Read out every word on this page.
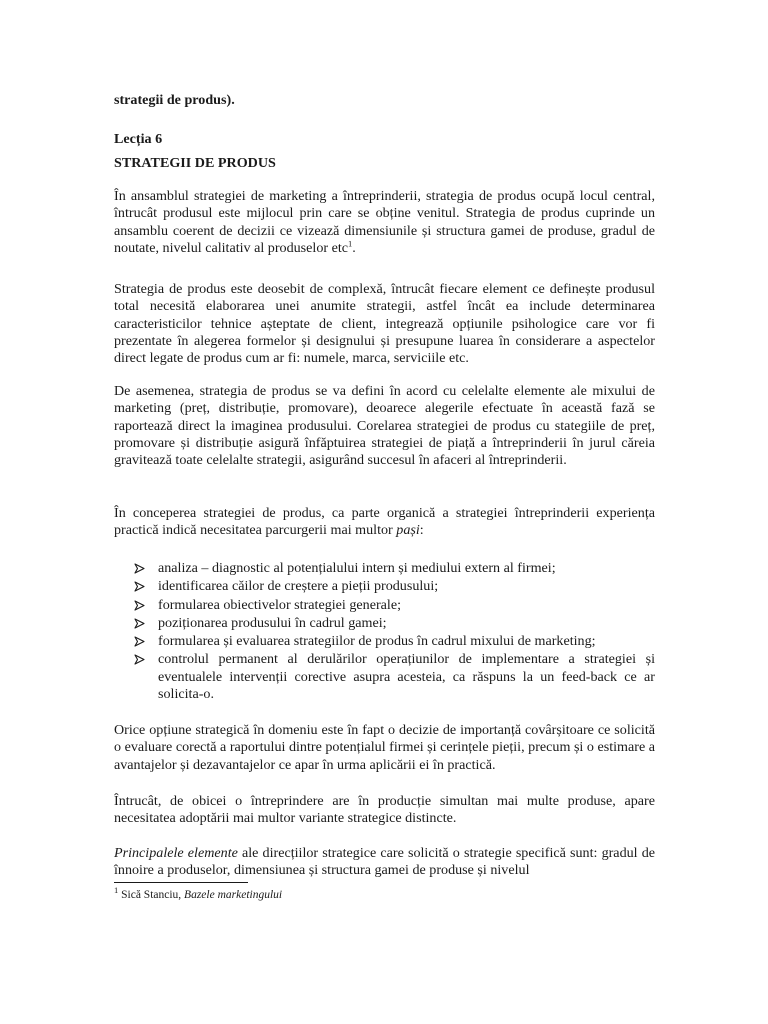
strategii de produs).
Lecția 6
STRATEGII DE PRODUS

În ansamblul strategiei de marketing a întreprinderii, strategia de produs ocupă locul central, întrucât produsul este mijlocul prin care se obține venitul. Strategia de produs cuprinde un ansamblu coerent de decizii ce vizează dimensiunile și structura gamei de produse, gradul de noutate, nivelul calitativ al produselor etc$^1$.

Strategia de produs este deosebit de complexă, întrucât fiecare element ce definește produsul total necesită elaborarea unei anumite strategii, astfel încât ea include determinarea caracteristicilor tehnice așteptate de client, integrează opțiunile psihologice care vor fi prezentate în alegerea formelor și designului și presupune luarea în considerare a aspectelor direct legate de produs cum ar fi: numele, marca, serviciile etc.

De asemenea, strategia de produs se va defini în acord cu celelalte elemente ale mixului de marketing (preț, distribuție, promovare), deoarece alegerile efectuate în această fază se raportează direct la imaginea produsului. Corelarea strategiei de produs cu stategiile de preț, promovare și distribuție asigură înfăptuirea strategiei de piață a întreprinderii în jurul căreia gravitează toate celelalte strategii, asigurând succesul în afaceri al întreprinderii.

În conceperea strategiei de produs, ca parte organică a strategiei întreprinderii experiența practică indică necesitatea parcurgerii mai multor pași:

analiza – diagnostic al potențialului intern și mediului extern al firmei;
identificarea căilor de creștere a pieții produsului;
formularea obiectivelor strategiei generale;
poziționarea produsului în cadrul gamei;
formularea și evaluarea strategiilor de produs în cadrul mixului de marketing;
controlul permanent al derulărilor operațiunilor de implementare a strategiei și eventualele intervenții corective asupra acesteia, ca răspuns la un feed-back ce ar solicita-o.

Orice opțiune strategică în domeniu este în fapt o decizie de importanță covârșitoare ce solicită o evaluare corectă a raportului dintre potențialul firmei și cerințele pieții, precum și o estimare a avantajelor și dezavantajelor ce apar în urma aplicării ei în practică.

Întrucât, de obicei o întreprindere are în producție simultan mai multe produse, apare necesitatea adoptării mai multor variante strategice distincte.

Principalele elemente ale direcțiilor strategice care solicită o strategie specifică sunt: gradul de înnoire a produselor, dimensiunea și structura gamei de produse și nivelul

$^1$ Sică Stanciu, Bazele marketingului
